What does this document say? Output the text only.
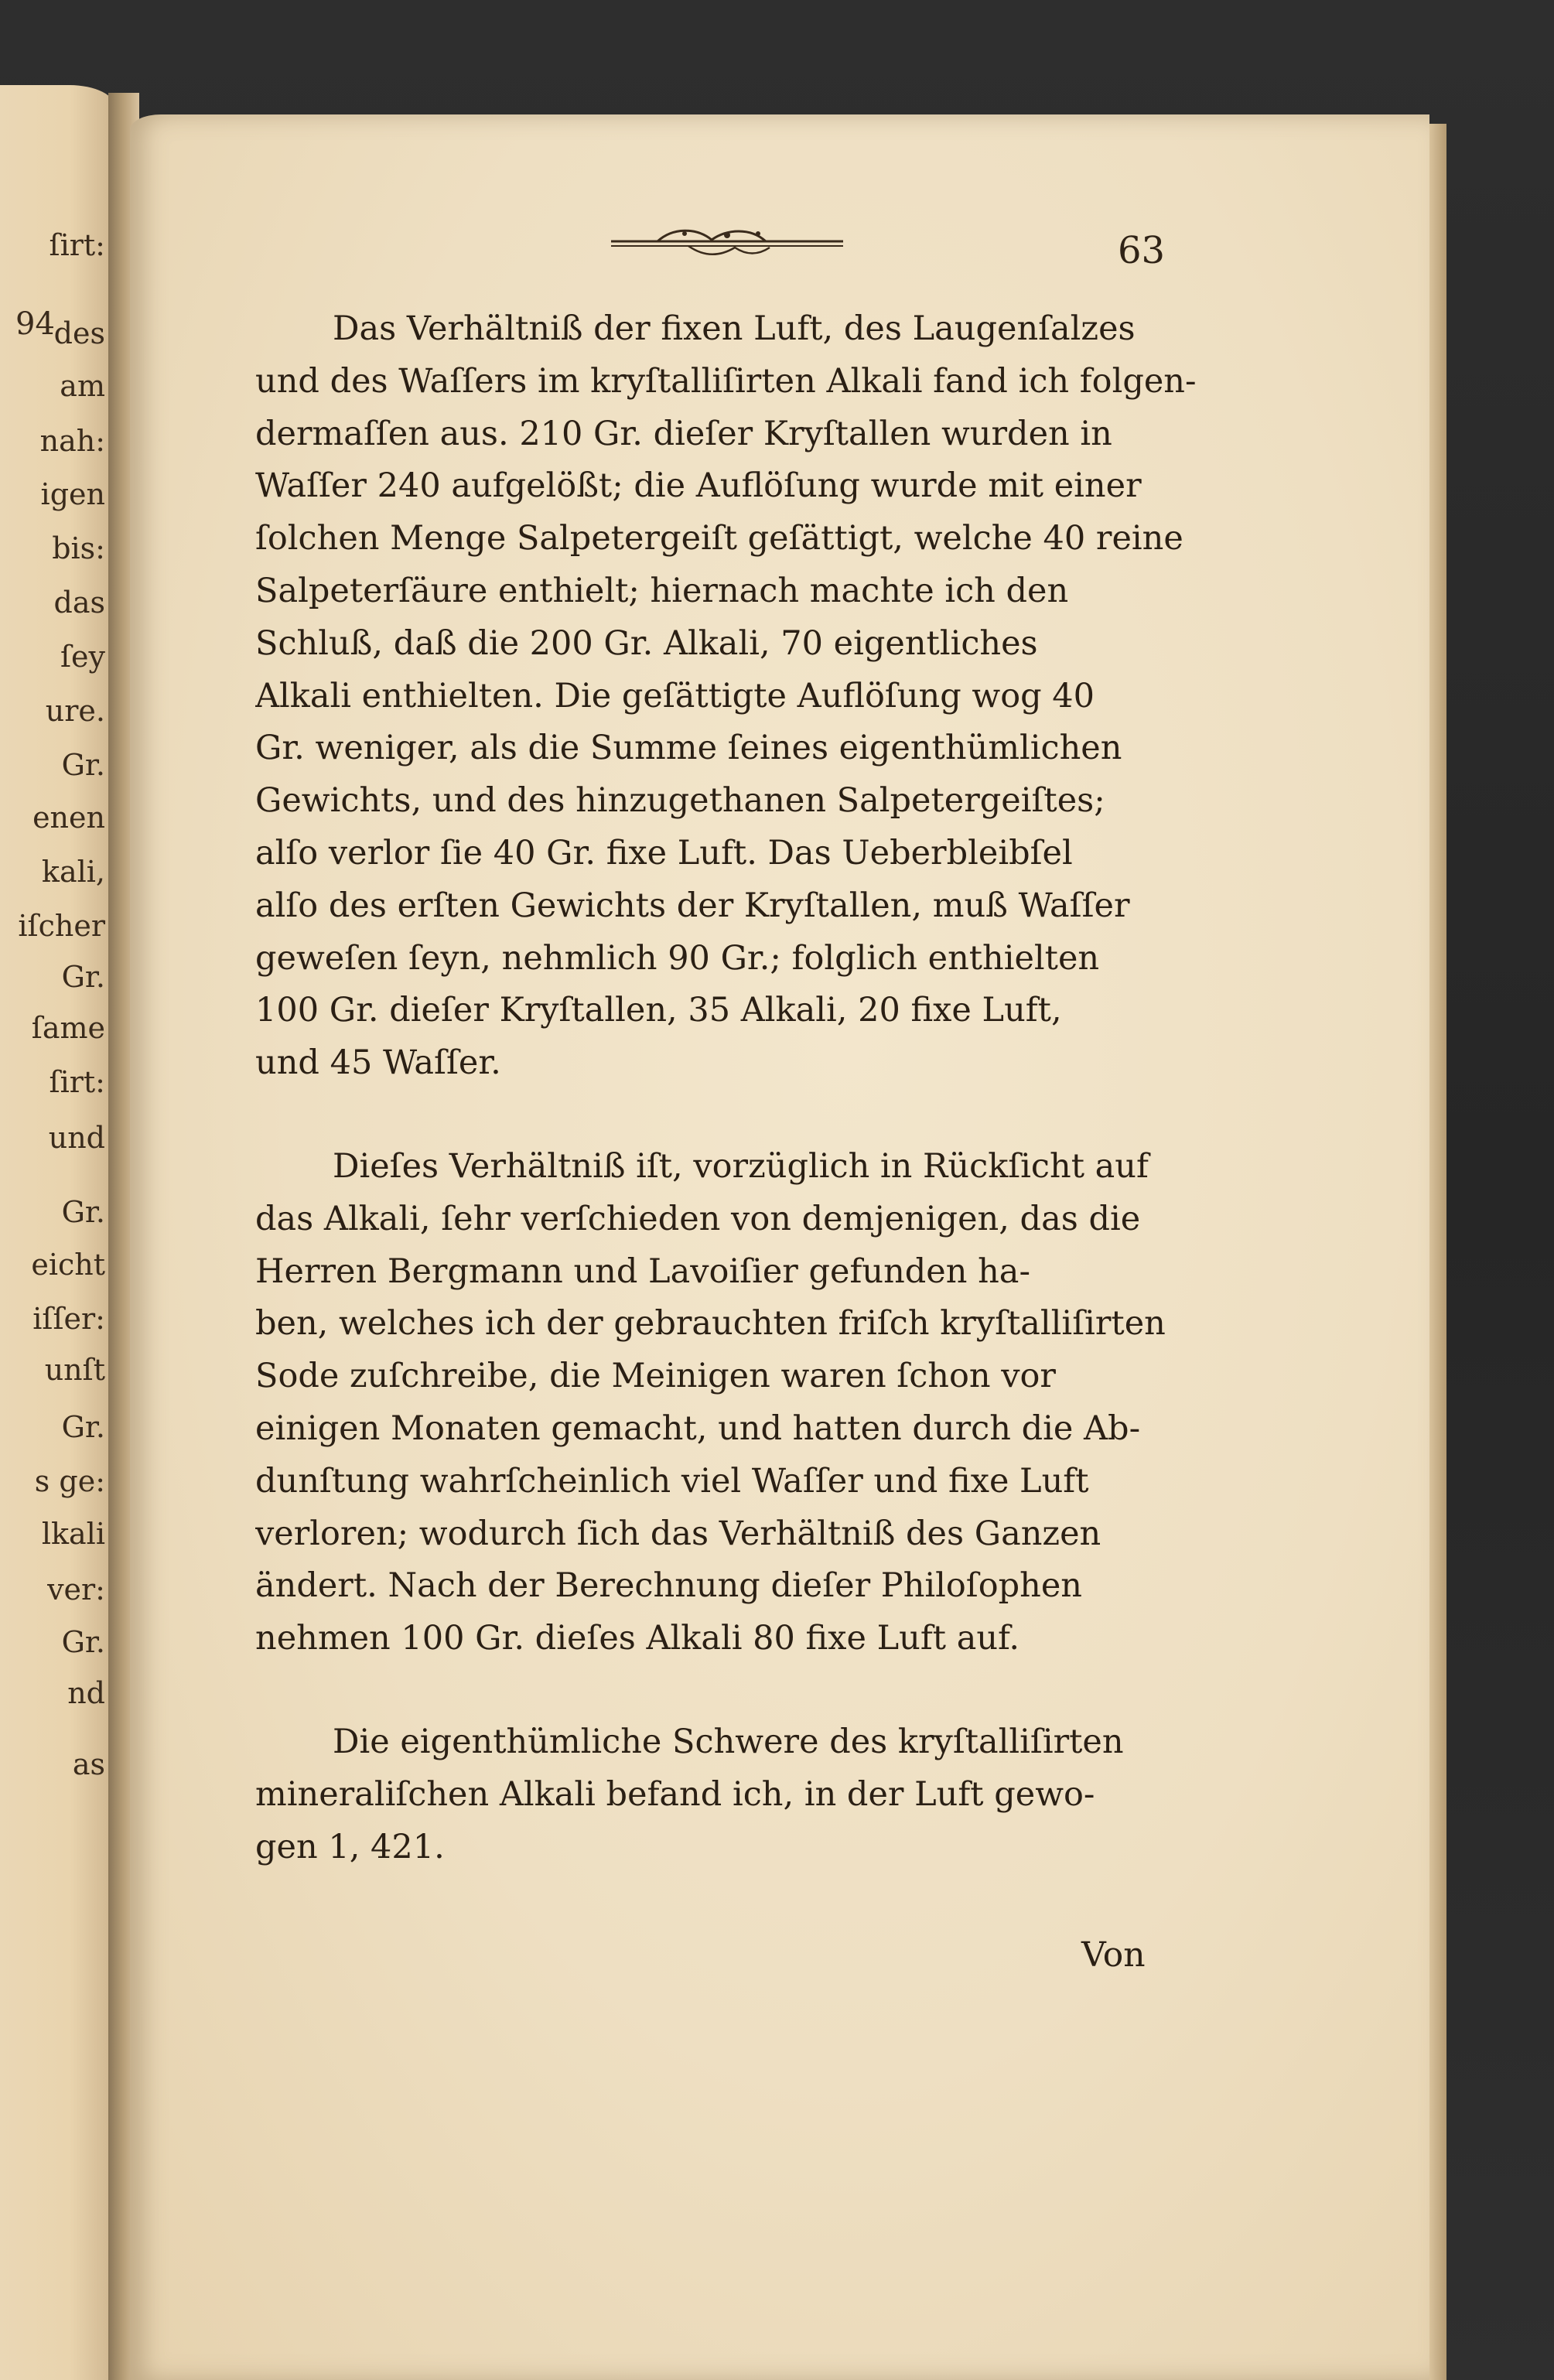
94
ſirt:
des
am
nah:
igen
bis:
das
ſey
ure.
Gr.
enen
kali,
iſcher
Gr.
ſame
ſirt:
und
Gr.
eicht
iſſer:
unſt
Gr.
s ge:
lkali
ver:
Gr.
nd
as
63

Das Verhältniß der fixen Luft, des Laugenſalzes
und des Waſſers im kryſtalliſirten Alkali fand ich folgen-
dermaſſen aus. 210 Gr. dieſer Kryſtallen wurden in
Waſſer 240 aufgelößt; die Auflöſung wurde mit einer
ſolchen Menge Salpetergeiſt geſättigt, welche 40 reine
Salpeterſäure enthielt; hiernach machte ich den
Schluß, daß die 200 Gr. Alkali, 70 eigentliches
Alkali enthielten. Die geſättigte Auflöſung wog 40
Gr. weniger, als die Summe ſeines eigenthümlichen
Gewichts, und des hinzugethanen Salpetergeiſtes;
alſo verlor ſie 40 Gr. fixe Luft. Das Ueberbleibſel
alſo des erſten Gewichts der Kryſtallen, muß Waſſer
geweſen ſeyn, nehmlich 90 Gr.; folglich enthielten
100 Gr. dieſer Kryſtallen, 35 Alkali, 20 fixe Luft,
und 45 Waſſer.

Dieſes Verhältniß iſt, vorzüglich in Rückſicht auf
das Alkali, ſehr verſchieden von demjenigen, das die
Herren Bergmann und Lavoiſier gefunden ha-
ben, welches ich der gebrauchten friſch kryſtalliſirten
Sode zuſchreibe, die Meinigen waren ſchon vor
einigen Monaten gemacht, und hatten durch die Ab-
dunſtung wahrſcheinlich viel Waſſer und fixe Luft
verloren; wodurch ſich das Verhältniß des Ganzen
ändert. Nach der Berechnung dieſer Philoſophen
nehmen 100 Gr. dieſes Alkali 80 fixe Luft auf.

Die eigenthümliche Schwere des kryſtalliſirten
mineraliſchen Alkali befand ich, in der Luft gewo-
gen 1, 421.

Von
